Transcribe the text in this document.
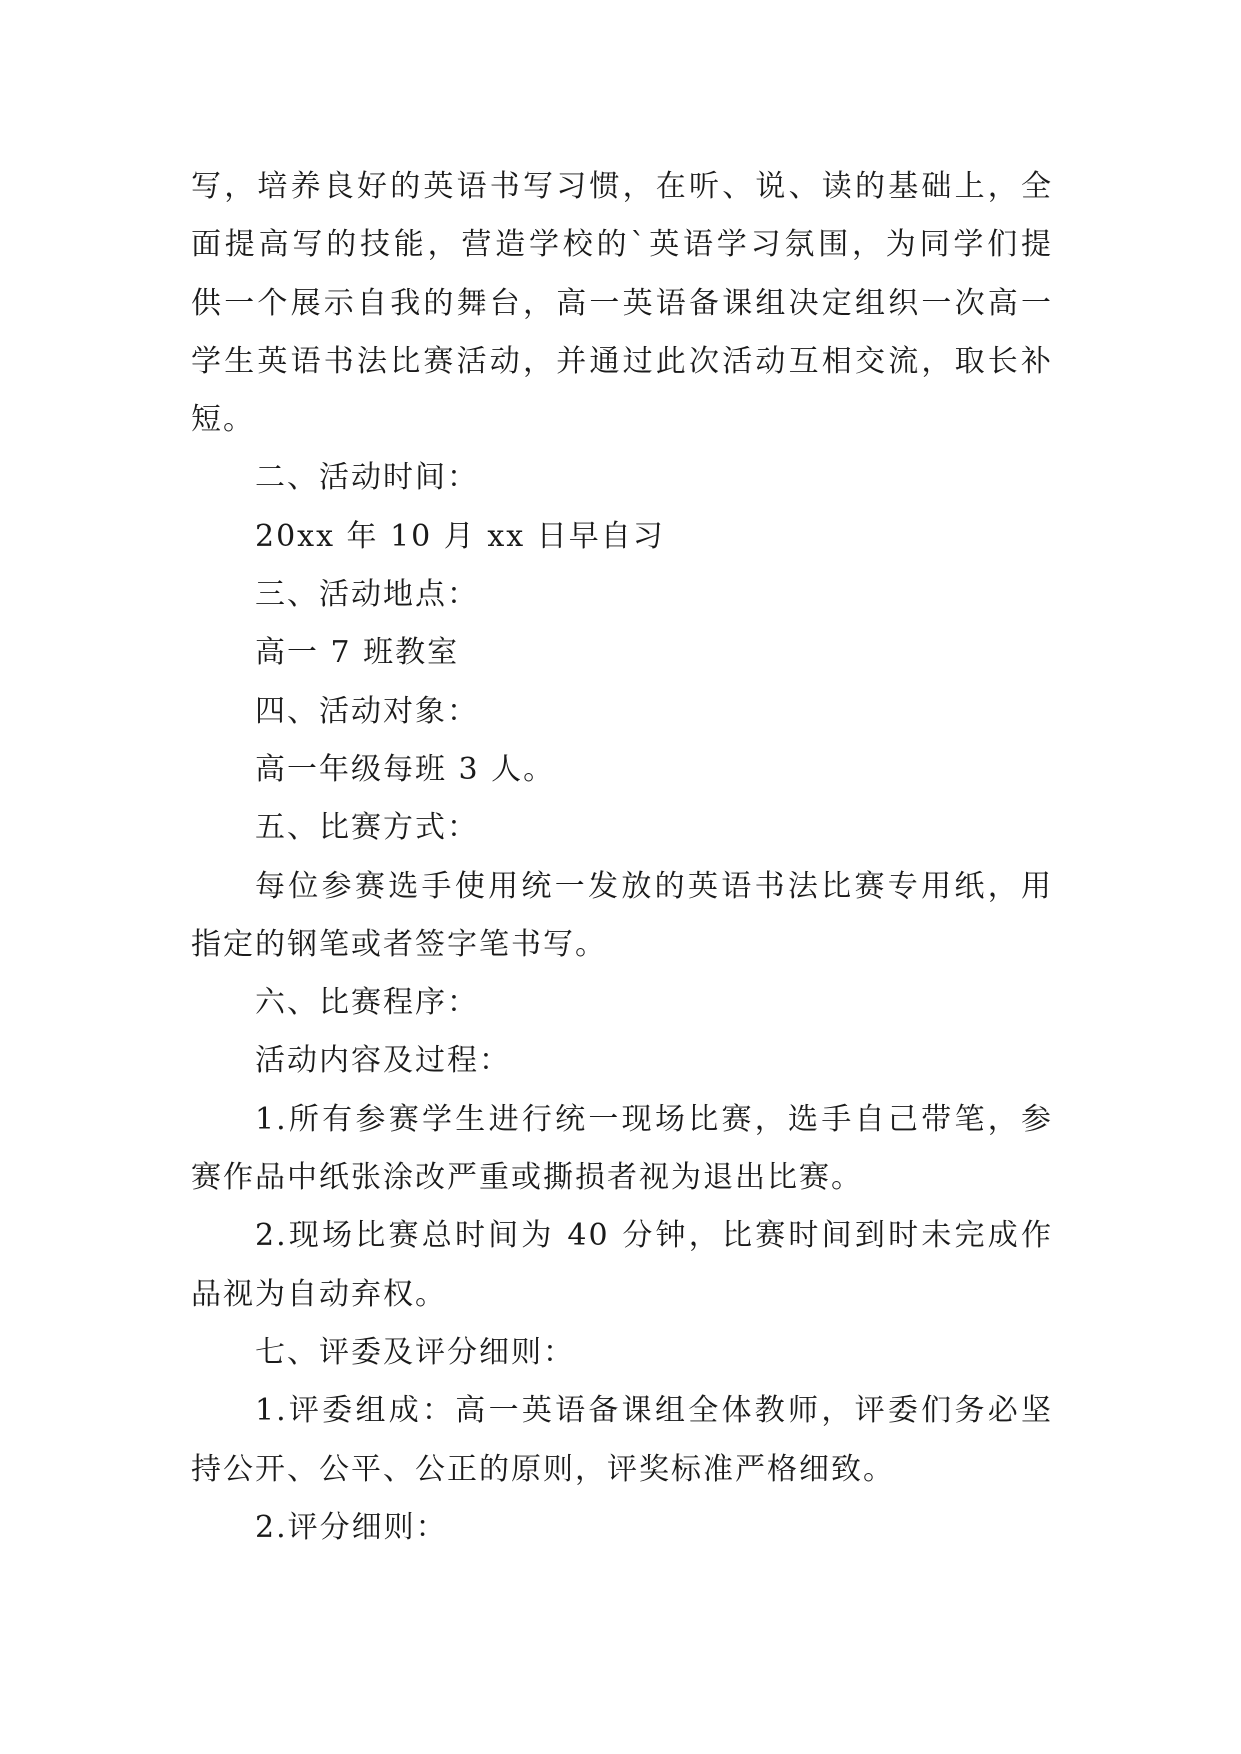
写，培养良好的英语书写习惯，在听、说、读的基础上，全
面提高写的技能，营造学校的`英语学习氛围，为同学们提
供一个展示自我的舞台，高一英语备课组决定组织一次高一
学生英语书法比赛活动，并通过此次活动互相交流，取长补
短。
二、活动时间：
20xx 年 10 月 xx 日早自习
三、活动地点：
高一 7 班教室
四、活动对象：
高一年级每班 3 人。
五、比赛方式：
每位参赛选手使用统一发放的英语书法比赛专用纸，用
指定的钢笔或者签字笔书写。
六、比赛程序：
活动内容及过程：
1.所有参赛学生进行统一现场比赛，选手自己带笔，参
赛作品中纸张涂改严重或撕损者视为退出比赛。
2.现场比赛总时间为 40 分钟，比赛时间到时未完成作
品视为自动弃权。
七、评委及评分细则：
1.评委组成：高一英语备课组全体教师，评委们务必坚
持公开、公平、公正的原则，评奖标准严格细致。
2.评分细则：
